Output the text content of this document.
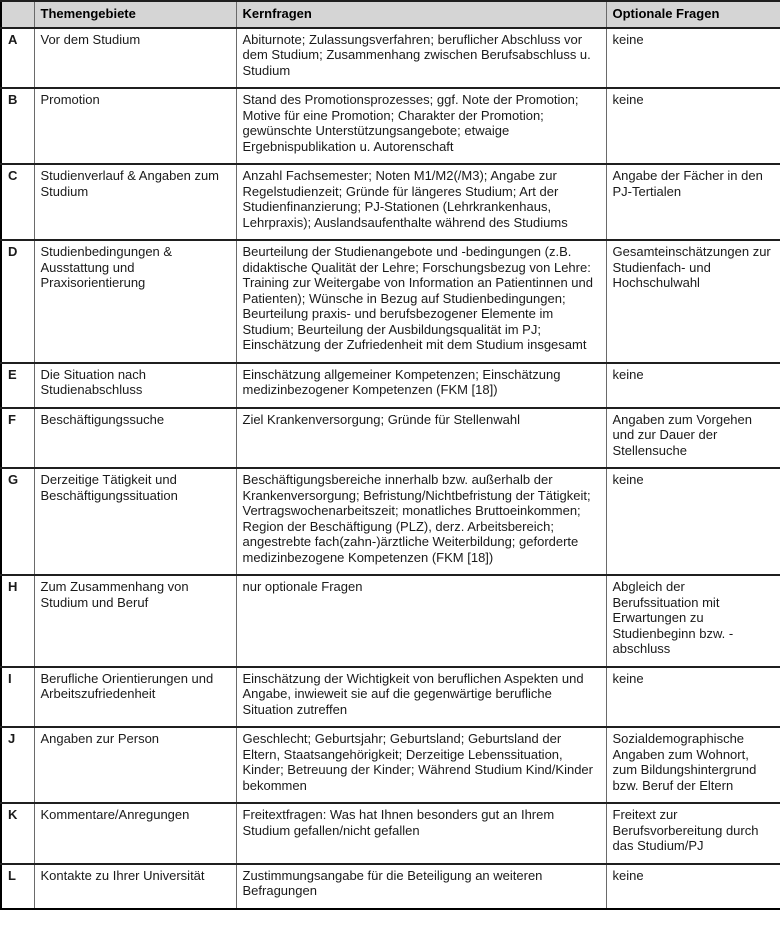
	Themengebiete	Kernfragen	Optionale Fragen
A	Vor dem Studium	Abiturnote; Zulassungsverfahren; beruflicher Abschluss vor dem Studium; Zusammenhang zwischen Berufsabschluss u. Studium	keine
B	Promotion	Stand des Promotionsprozesses; ggf. Note der Promotion; Motive für eine Promotion; Charakter der Promotion; gewünschte Unterstützungsangebote; etwaige Ergebnispublikation u. Autorenschaft	keine
C	Studienverlauf & Angaben zum Studium	Anzahl Fachsemester; Noten M1/M2(/M3); Angabe zur Regelstudienzeit; Gründe für längeres Studium; Art der Studienfinanzierung; PJ-Stationen (Lehrkrankenhaus, Lehrpraxis); Auslandsaufenthalte während des Studiums	Angabe der Fächer in den PJ-Tertialen
D	Studienbedingungen & Ausstattung und Praxisorientierung	Beurteilung der Studienangebote und -bedingungen (z.B. didaktische Qualität der Lehre; Forschungsbezug von Lehre: Training zur Weitergabe von Information an Patientinnen und Patienten); Wünsche in Bezug auf Studienbedingungen; Beurteilung praxis- und berufsbezogener Elemente im Studium; Beurteilung der Ausbildungsqualität im PJ; Einschätzung der Zufriedenheit mit dem Studium insgesamt	Gesamteinschätzungen zur Studienfach- und Hochschulwahl
E	Die Situation nach Studienabschluss	Einschätzung allgemeiner Kompetenzen; Einschätzung medizinbezogener Kompetenzen (FKM [18])	keine
F	Beschäftigungssuche	Ziel Krankenversorgung; Gründe für Stellenwahl	Angaben zum Vorgehen und zur Dauer der Stellensuche
G	Derzeitige Tätigkeit und Beschäftigungssituation	Beschäftigungsbereiche innerhalb bzw. außerhalb der Krankenversorgung; Befristung/Nichtbefristung der Tätigkeit; Vertragswochenarbeitszeit; monatliches Bruttoeinkommen; Region der Beschäftigung (PLZ), derz. Arbeitsbereich; angestrebte fach(zahn-)ärztliche Weiterbildung; geforderte medizinbezogene Kompetenzen (FKM [18])	keine
H	Zum Zusammenhang von Studium und Beruf	nur optionale Fragen	Abgleich der Berufssituation mit Erwartungen zu Studienbeginn bzw. -abschluss
I	Berufliche Orientierungen und Arbeitszufriedenheit	Einschätzung der Wichtigkeit von beruflichen Aspekten und Angabe, inwieweit sie auf die gegenwärtige berufliche Situation zutreffen	keine
J	Angaben zur Person	Geschlecht; Geburtsjahr; Geburtsland; Geburtsland der Eltern, Staatsangehörigkeit; Derzeitige Lebenssituation, Kinder; Betreuung der Kinder; Während Studium Kind/Kinder bekommen	Sozialdemographische Angaben zum Wohnort, zum Bildungshintergrund bzw. Beruf der Eltern
K	Kommentare/Anregungen	Freitextfragen: Was hat Ihnen besonders gut an Ihrem Studium gefallen/nicht gefallen	Freitext zur Berufsvorbereitung durch das Studium/PJ
L	Kontakte zu Ihrer Universität	Zustimmungsangabe für die Beteiligung an weiteren Befragungen	keine
